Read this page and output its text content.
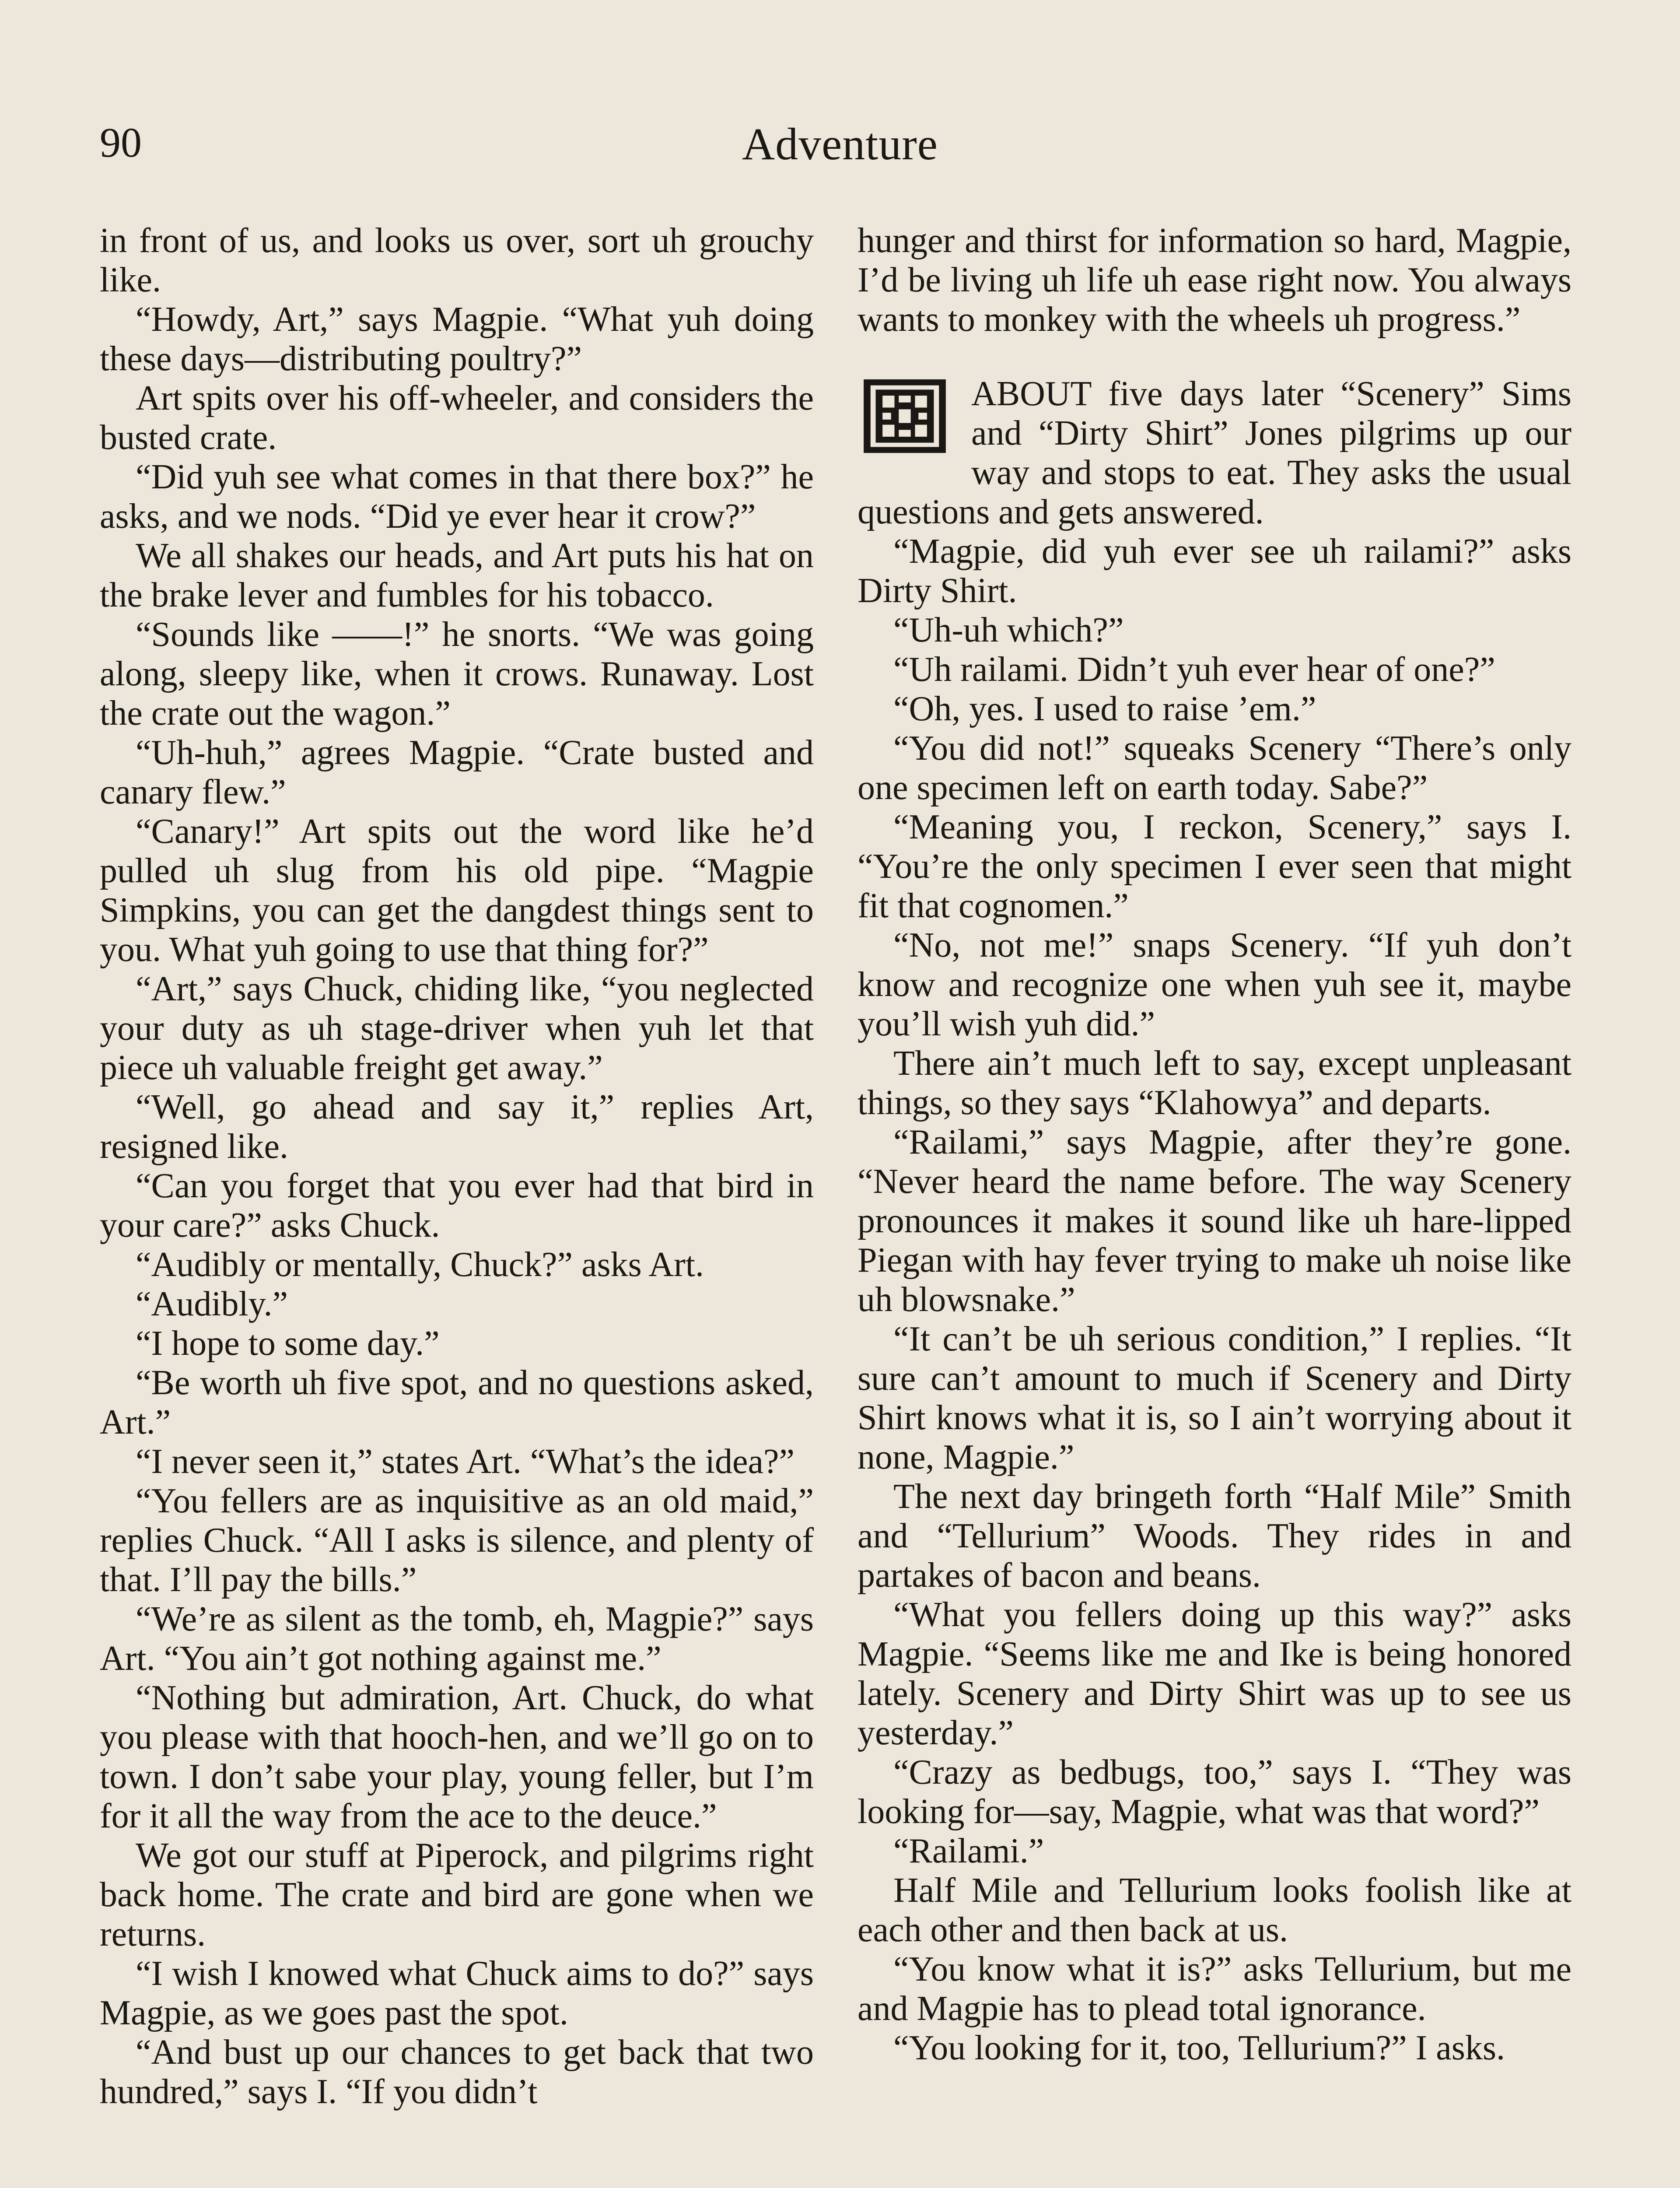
90	Adventure

in front of us, and looks us over, sort uh grouchy like.

“Howdy, Art,” says Magpie. “What yuh doing these days—distributing poultry?”

Art spits over his off-wheeler, and considers the busted crate.

“Did yuh see what comes in that there box?” he asks, and we nods. “Did ye ever hear it crow?”

We all shakes our heads, and Art puts his hat on the brake lever and fumbles for his tobacco.

“Sounds like ——!” he snorts. “We was going along, sleepy like, when it crows. Runaway. Lost the crate out the wagon.”

“Uh-huh,” agrees Magpie. “Crate busted and canary flew.”

“Canary!” Art spits out the word like he’d pulled uh slug from his old pipe. “Magpie Simpkins, you can get the dangdest things sent to you. What yuh going to use that thing for?”

“Art,” says Chuck, chiding like, “you neglected your duty as uh stage-driver when yuh let that piece uh valuable freight get away.”

“Well, go ahead and say it,” replies Art, resigned like.

“Can you forget that you ever had that bird in your care?” asks Chuck.

“Audibly or mentally, Chuck?” asks Art.

“Audibly.”

“I hope to some day.”

“Be worth uh five spot, and no questions asked, Art.”

“I never seen it,” states Art. “What’s the idea?”

“You fellers are as inquisitive as an old maid,” replies Chuck. “All I asks is silence, and plenty of that. I’ll pay the bills.”

“We’re as silent as the tomb, eh, Magpie?” says Art. “You ain’t got nothing against me.”

“Nothing but admiration, Art. Chuck, do what you please with that hooch-hen, and we’ll go on to town. I don’t sabe your play, young feller, but I’m for it all the way from the ace to the deuce.”

We got our stuff at Piperock, and pilgrims right back home. The crate and bird are gone when we returns.

“I wish I knowed what Chuck aims to do?” says Magpie, as we goes past the spot.

“And bust up our chances to get back that two hundred,” says I. “If you didn’t

hunger and thirst for information so hard, Magpie, I’d be living uh life uh ease right now. You always wants to monkey with the wheels uh progress.”

ABOUT five days later “Scenery” Sims and “Dirty Shirt” Jones pilgrims up our way and stops to eat. They asks the usual questions and gets answered.

“Magpie, did yuh ever see uh railami?” asks Dirty Shirt.

“Uh-uh which?”

“Uh railami. Didn’t yuh ever hear of one?”

“Oh, yes. I used to raise ’em.”

“You did not!” squeaks Scenery “There’s only one specimen left on earth today. Sabe?”

“Meaning you, I reckon, Scenery,” says I. “You’re the only specimen I ever seen that might fit that cognomen.”

“No, not me!” snaps Scenery. “If yuh don’t know and recognize one when yuh see it, maybe you’ll wish yuh did.”

There ain’t much left to say, except unpleasant things, so they says “Klahowya” and departs.

“Railami,” says Magpie, after they’re gone. “Never heard the name before. The way Scenery pronounces it makes it sound like uh hare-lipped Piegan with hay fever trying to make uh noise like uh blowsnake.”

“It can’t be uh serious condition,” I replies. “It sure can’t amount to much if Scenery and Dirty Shirt knows what it is, so I ain’t worrying about it none, Magpie.”

The next day bringeth forth “Half Mile” Smith and “Tellurium” Woods. They rides in and partakes of bacon and beans.

“What you fellers doing up this way?” asks Magpie. “Seems like me and Ike is being honored lately. Scenery and Dirty Shirt was up to see us yesterday.”

“Crazy as bedbugs, too,” says I. “They was looking for—say, Magpie, what was that word?”

“Railami.”

Half Mile and Tellurium looks foolish like at each other and then back at us.

“You know what it is?” asks Tellurium, but me and Magpie has to plead total ignorance.

“You looking for it, too, Tellurium?” I asks.
